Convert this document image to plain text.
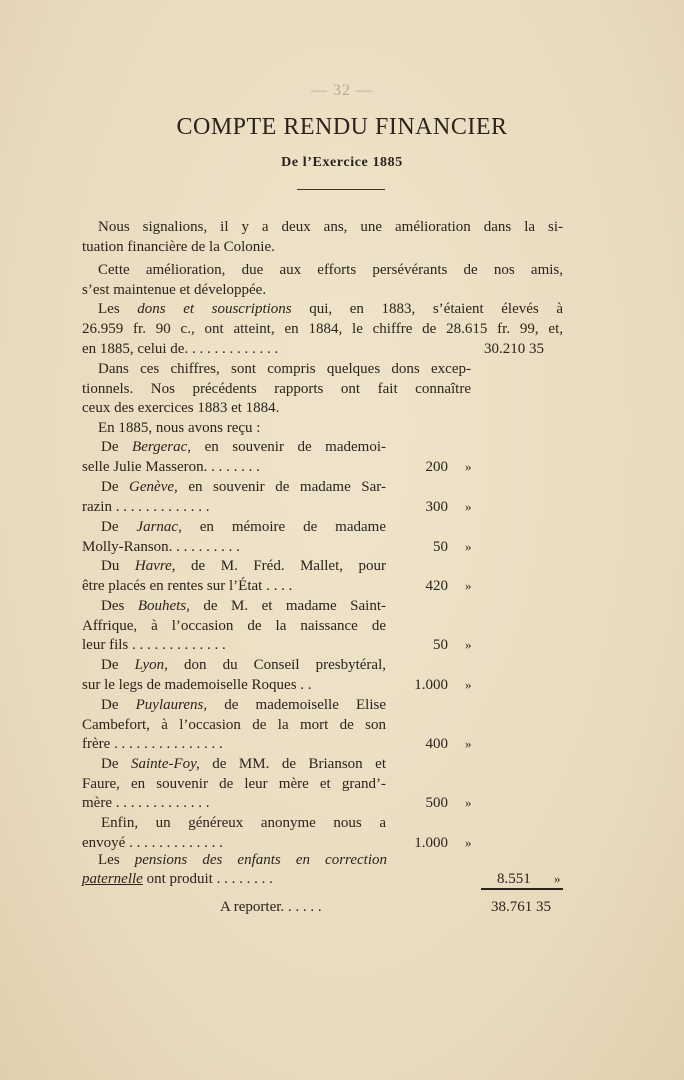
— 32 —
COMPTE RENDU FINANCIER
De l’Exercice 1885
Nous signalions, il y a deux ans, une amélioration dans la si-
tuation financière de la Colonie.
Cette amélioration, due aux efforts persévérants de nos amis,
s’est maintenue et développée.
Les dons et souscriptions qui, en 1883, s’étaient élevés à
26.959 fr. 90 c., ont atteint, en 1884, le chiffre de 28.615 fr. 99, et,
en 1885, celui de. . . . . . . . . . . . .	30.210 35
Dans ces chiffres, sont compris quelques dons excep-
tionnels. Nos précédents rapports ont fait connaître
ceux des exercices 1883 et 1884.
En 1885, nous avons reçu :
De Bergerac, en souvenir de mademoi-
selle Julie Masseron. . . . . . . .	200 »
De Genève, en souvenir de madame Sar-
razin . . . . . . . . . . . . .	300 »
De Jarnac, en mémoire de madame
Molly-Ranson. . . . . . . . . .	50 »
Du Havre, de M. Fréd. Mallet, pour
être placés en rentes sur l’État . . . .	420 »
Des Bouhets, de M. et madame Saint-
Affrique, à l’occasion de la naissance de
leur fils . . . . . . . . . . . . .	50 »
De Lyon, don du Conseil presbytéral,
sur le legs de mademoiselle Roques . .	1.000 »
De Puylaurens, de mademoiselle Elise
Cambefort, à l’occasion de la mort de son
frère . . . . . . . . . . . . . . .	400 »
De Sainte-Foy, de MM. de Brianson et
Faure, en souvenir de leur mère et grand’-
mère . . . . . . . . . . . . .	500 »
Enfin, un généreux anonyme nous a
envoyé . . . . . . . . . . . . .	1.000 »
Les pensions des enfants en correction
paternelle ont produit . . . . . . . .	8.551 »
A reporter. . . . . .	38.761 35
